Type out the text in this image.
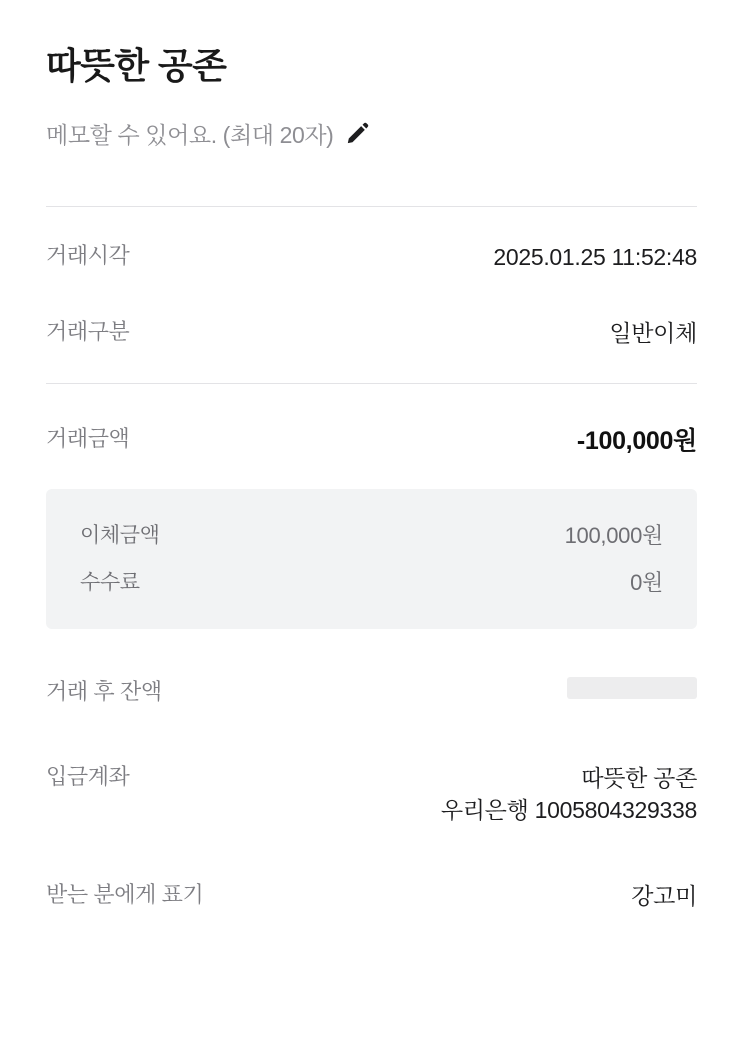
따뜻한 공존
메모할 수 있어요. (최대 20자)
거래시각	2025.01.25 11:52:48
거래구분	일반이체
거래금액	-100,000원
이체금액	100,000원
수수료	0원
거래 후 잔액
입금계좌	따뜻한 공존
우리은행 1005804329338
받는 분에게 표기	강고미
